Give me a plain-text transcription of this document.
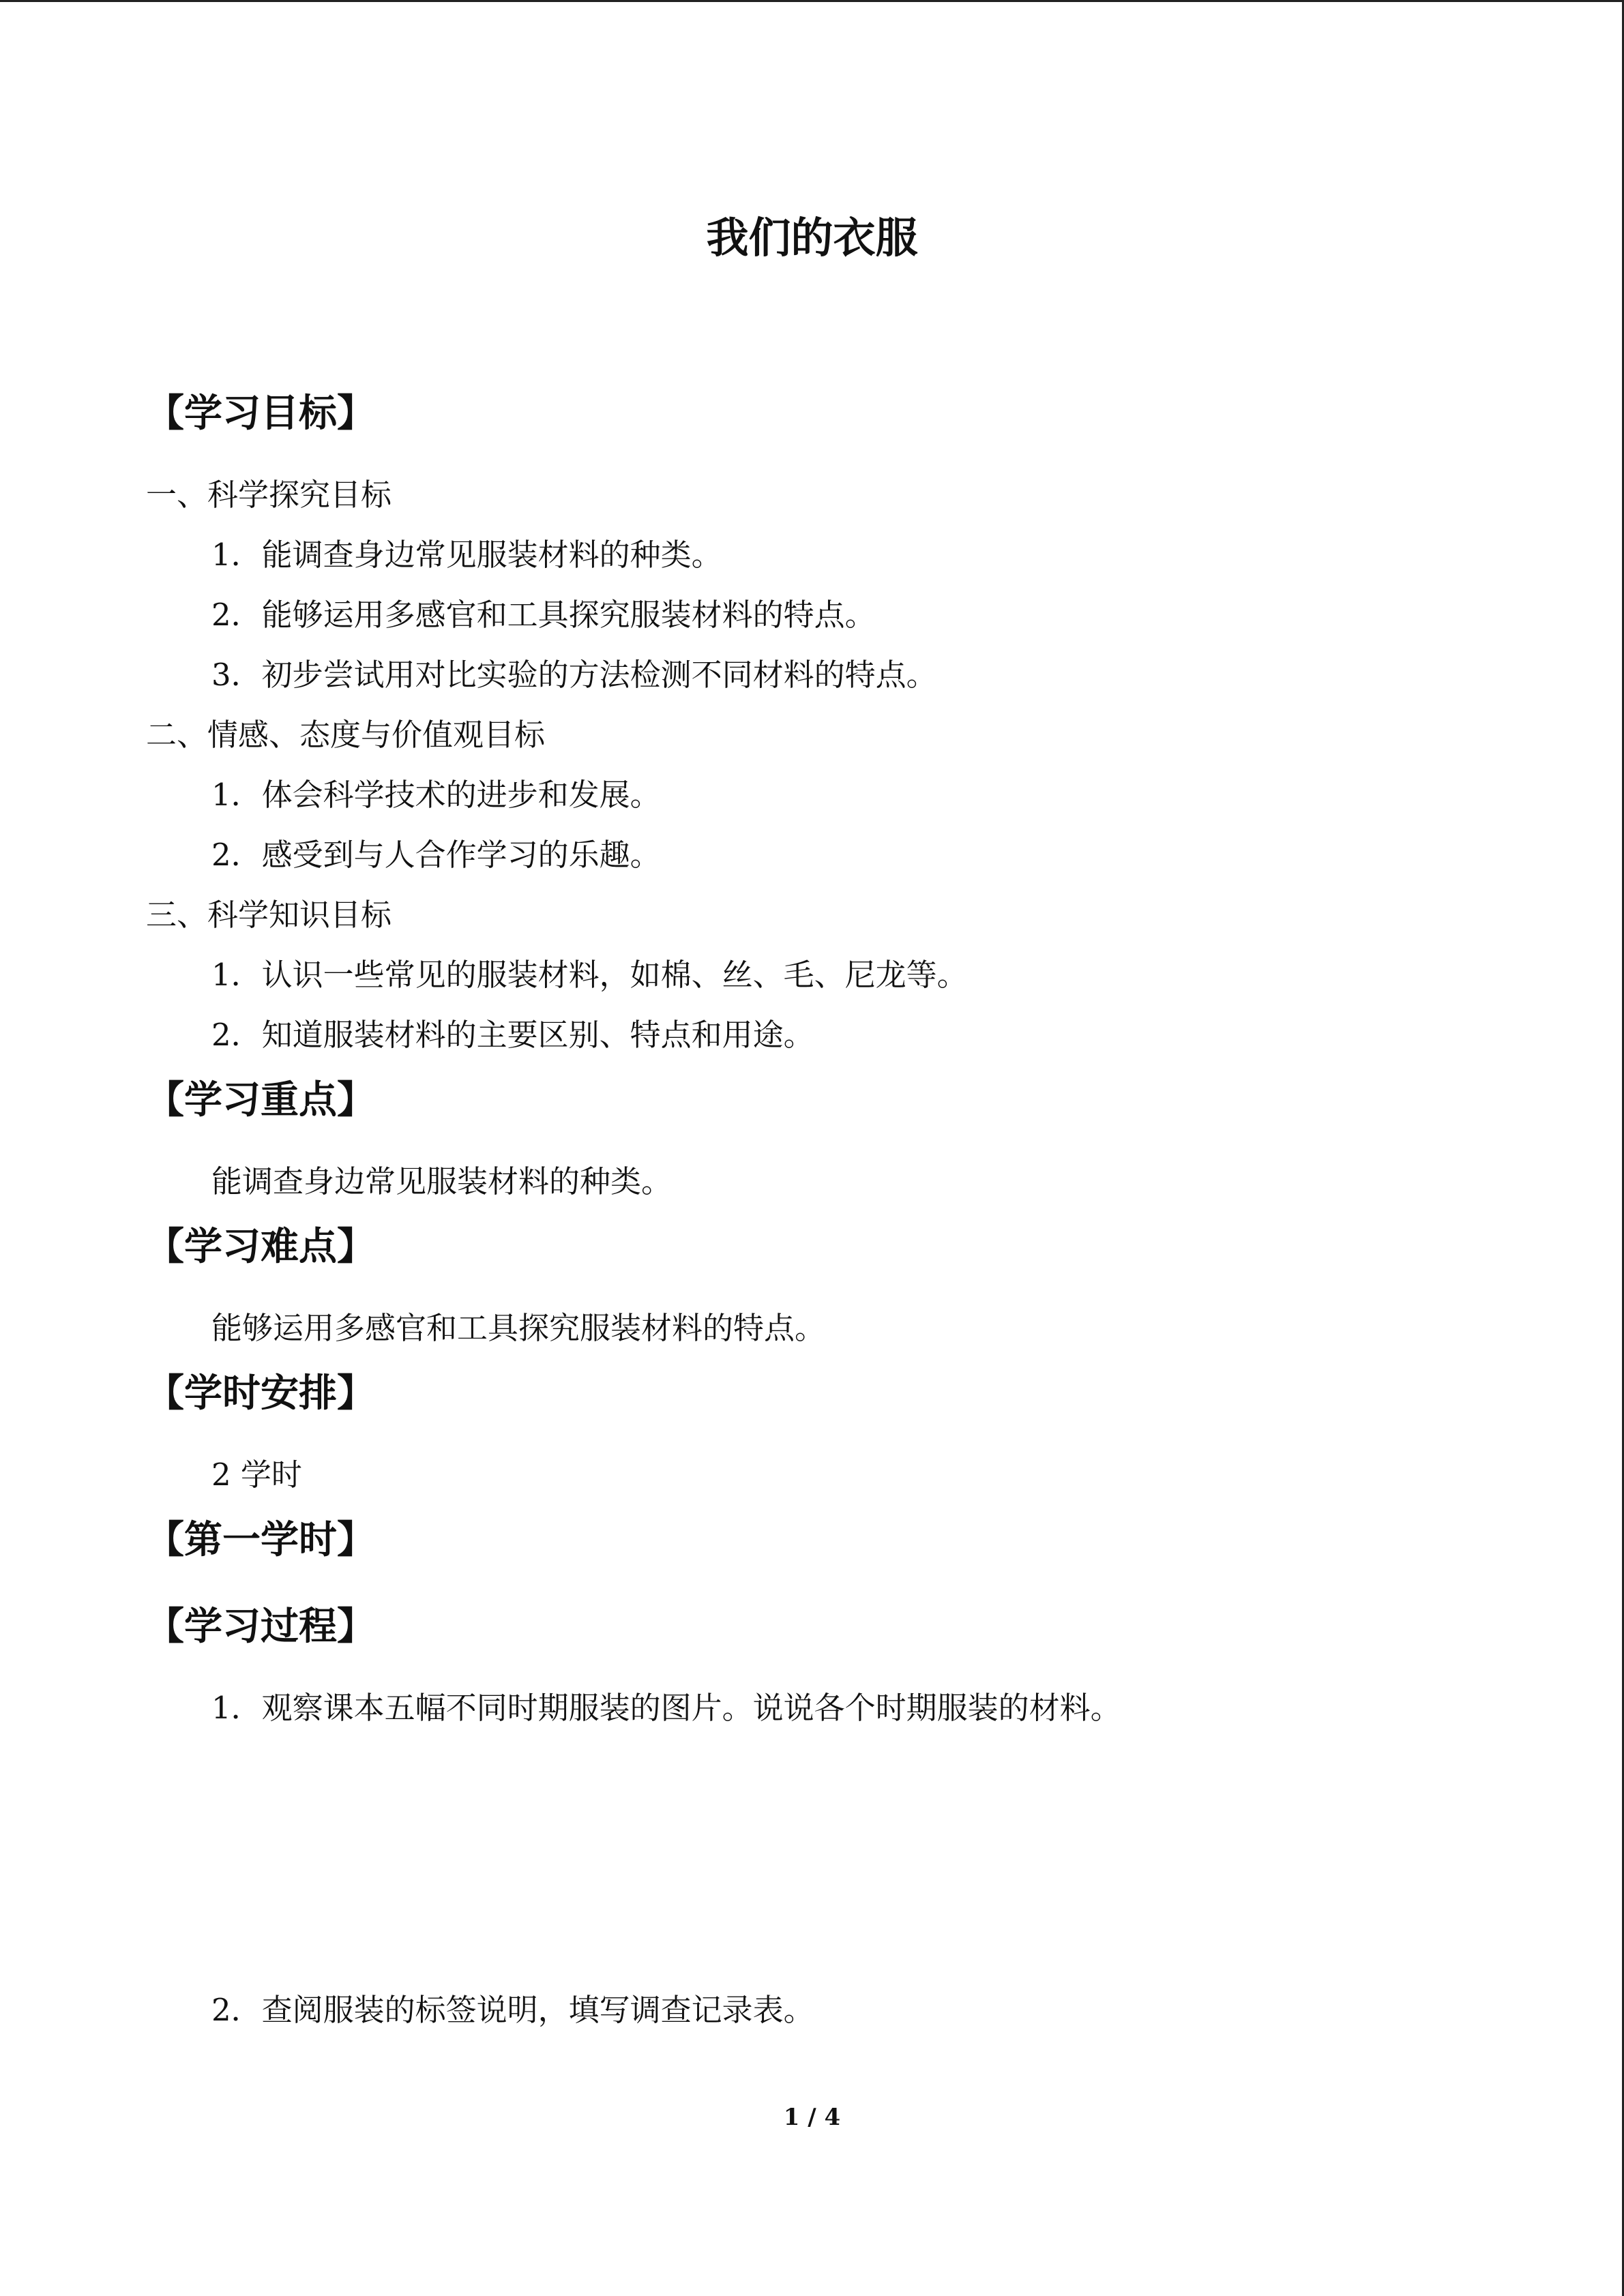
我们的衣服
【学习目标】
一、科学探究目标
1．能调查身边常见服装材料的种类。
2．能够运用多感官和工具探究服装材料的特点。
3．初步尝试用对比实验的方法检测不同材料的特点。
二、情感、态度与价值观目标
1．体会科学技术的进步和发展。
2．感受到与人合作学习的乐趣。
三、科学知识目标
1．认识一些常见的服装材料，如棉、丝、毛、尼龙等。
2．知道服装材料的主要区别、特点和用途。
【学习重点】
能调查身边常见服装材料的种类。
【学习难点】
能够运用多感官和工具探究服装材料的特点。
【学时安排】
2 学时
【第一学时】
【学习过程】
1．观察课本五幅不同时期服装的图片。说说各个时期服装的材料。
2．查阅服装的标签说明，填写调查记录表。
1 / 4
